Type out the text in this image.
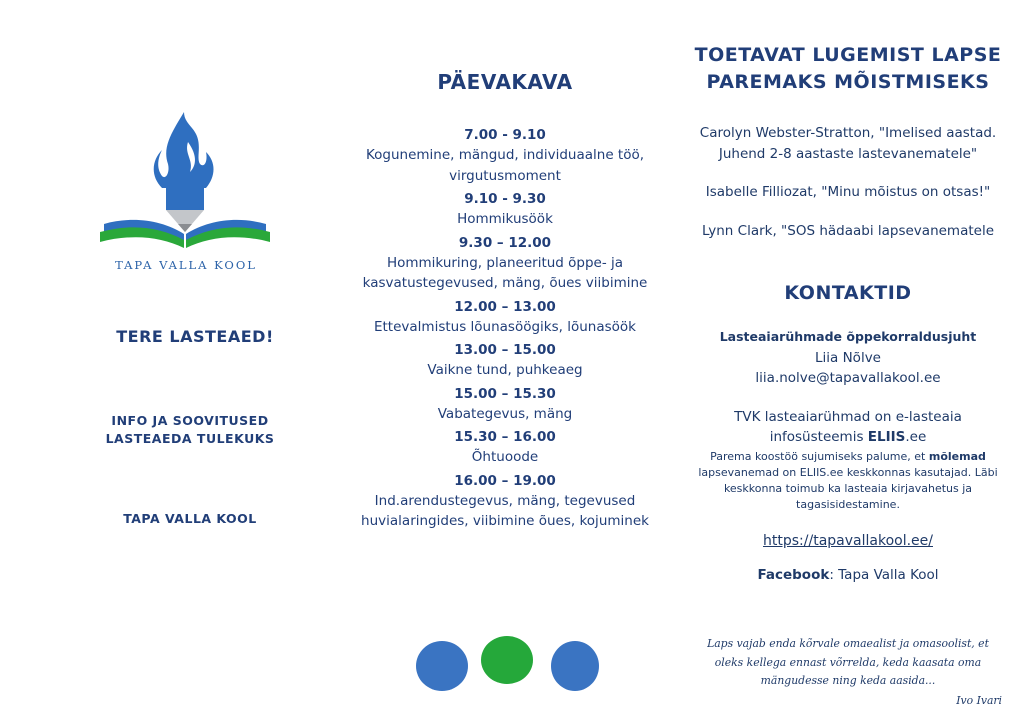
TAPA VALLA KOOL
TERE LASTEAED!
INFO JA SOOVITUSED
LASTEAEDA TULEKUKS
TAPA VALLA KOOL
PÄEVAKAVA
7.00 - 9.10
Kogunemine, mängud, individuaalne töö,
virgutusmoment
9.10 - 9.30
Hommikusöök
9.30 – 12.00
Hommikuring, planeeritud õppe- ja
kasvatustegevused, mäng, õues viibimine
12.00 – 13.00
Ettevalmistus lõunasöögiks, lõunasöök
13.00 – 15.00
Vaikne tund, puhkeaeg
15.00 – 15.30
Vabategevus, mäng
15.30 – 16.00
Õhtuoode
16.00 – 19.00
Ind.arendustegevus, mäng, tegevused
huvialaringides, viibimine õues, kojuminek
TOETAVAT LUGEMIST LAPSE
PAREMAKS MÕISTMISEKS

Carolyn Webster-Stratton, "Imelised aastad.
Juhend 2-8 aastaste lastevanematele"

Isabelle Filliozat, "Minu mõistus on otsas!"

Lynn Clark, "SOS hädaabi lapsevanematele

KONTAKTID
Lasteaiarühmade õppekorraldusjuht
Liia Nõlve
liia.nolve@tapavallakool.ee
TVK lasteaiarühmad on e-lasteaia
infosüsteemis ELIIS.ee
Parema koostöö sujumiseks palume, et mõlemad lapsevanemad on ELIIS.ee keskkonnas kasutajad. Läbi keskkonna toimub ka lasteaia kirjavahetus ja tagasisidestamine.
https://tapavallakool.ee/
Facebook: Tapa Valla Kool
Laps vajab enda kõrvale omaealist ja omasoolist, et
oleks kellega ennast võrrelda, keda kaasata oma
mängudesse ning keda aasida...
Ivo Ivari
